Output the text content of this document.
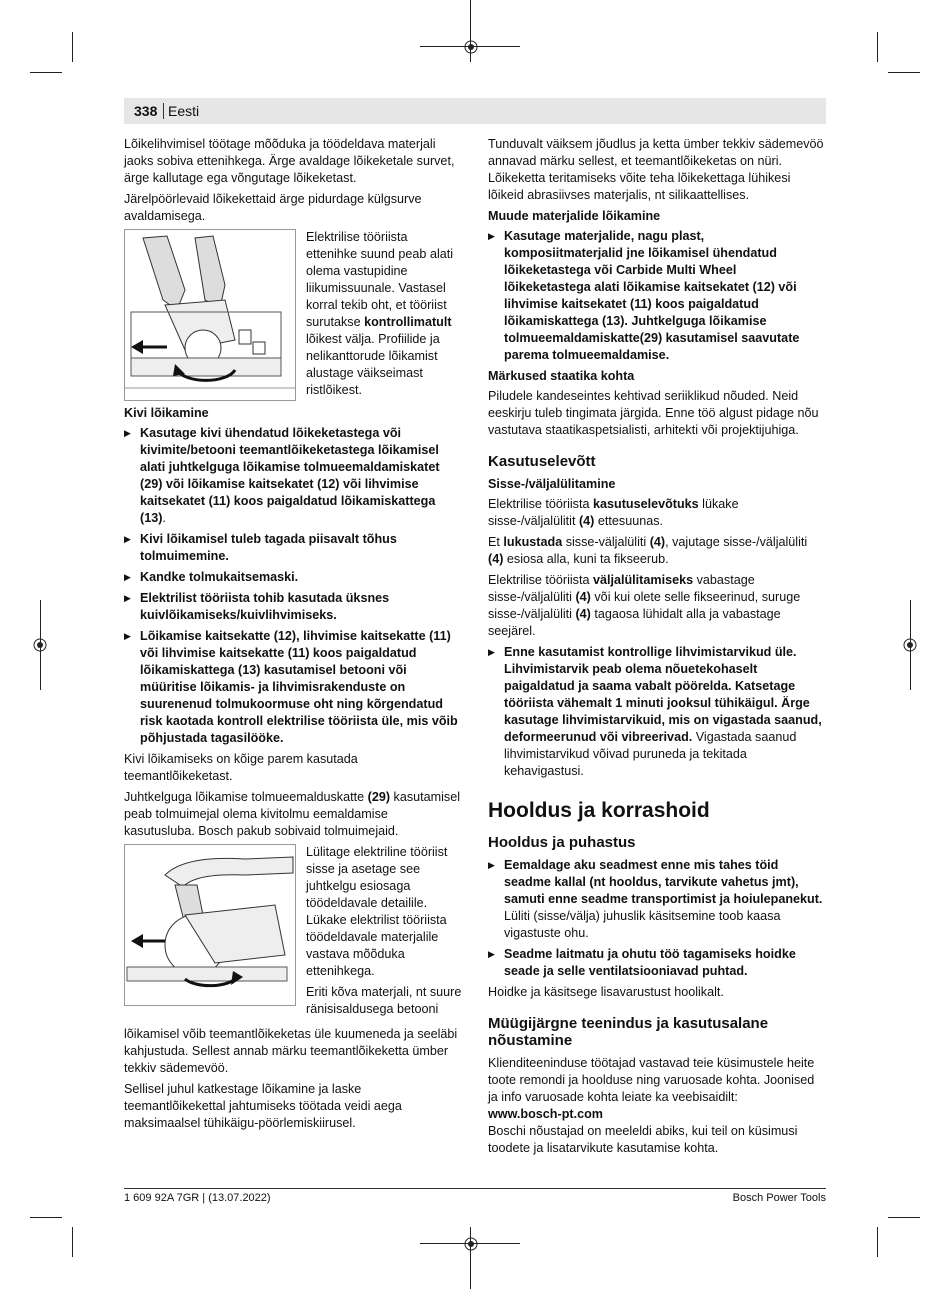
338 Eesti

Lõikelihvimisel töötage mõõduka ja töödeldava materjali jaoks sobiva ettenihkega. Ärge avaldage lõikeketale survet, ärge kallutage ega võngutage lõikeketast.

Järelpöörlevaid lõikekettaid ärge pidurdage külgsurve avaldamisega.

Elektrilise tööriista ettenihke suund peab alati olema vastupidine liikumissuunale. Vastasel korral tekib oht, et tööriist surutakse kontrollimatult lõikest välja. Profiilide ja nelikanttorude lõikamist alustage väikseimast ristlõikest.
Kivi lõikamine
▶ Kasutage kivi ühendatud lõikeketastega või kivimite/betooni teemantlõikeketastega lõikamisel alati juhtkelguga lõikamise tolmueemaldamiskatet (29) või lõikamise kaitsekatet (12) või lihvimise kaitsekatet (11) koos paigaldatud lõikamiskattega (13).
▶ Kivi lõikamisel tuleb tagada piisavalt tõhus tolmuimemine.
▶ Kandke tolmukaitsemaski.
▶ Elektrilist tööriista tohib kasutada üksnes kuivlõikamiseks/kuivlihvimiseks.
▶ Lõikamise kaitsekatte (12), lihvimise kaitsekatte (11) või lihvimise kaitsekatte (11) koos paigaldatud lõikamiskattega (13) kasutamisel betooni või müüritise lõikamis- ja lihvimisrakenduste on suurenenud tolmukoormuse oht ning kõrgendatud risk kaotada kontroll elektrilise tööriista üle, mis võib põhjustada tagasilööke.

Kivi lõikamiseks on kõige parem kasutada teemantlõikeketast.

Juhtkelguga lõikamise tolmueemalduskatte (29) kasutamisel peab tolmuimejal olema kivitolmu eemaldamise kasutusluba. Bosch pakub sobivaid tolmuimejaid.

Lülitage elektriline tööriist sisse ja asetage see juhtkelgu esiosaga töödeldavale detailile. Lükake elektrilist tööriista töödeldavale materjalile vastava mõõduka ettenihkega.

Eriti kõva materjali, nt suure ränisisaldusega betooni

lõikamisel võib teemantlõikeketas üle kuumeneda ja seeläbi kahjustuda. Sellest annab märku teemantlõikeketta ümber tekkiv sädemevöö.

Sellisel juhul katkestage lõikamine ja laske teemantlõikekettal jahtumiseks töötada veidi aega maksimaalsel tühikäigu-pöörlemiskiirusel.

Tunduvalt väiksem jõudlus ja ketta ümber tekkiv sädemevöö annavad märku sellest, et teemantlõikeketas on nüri. Lõikeketta teritamiseks võite teha lõikekettaga lühikesi lõikeid abrasiivses materjalis, nt silikaattellises.

Muude materjalide lõikamine
▶ Kasutage materjalide, nagu plast, komposiitmaterjalid jne lõikamisel ühendatud lõikeketastega või Carbide Multi Wheel lõikeketastega alati lõikamise kaitsekatet (12) või lihvimise kaitsekatet (11) koos paigaldatud lõikamiskattega (13). Juhtkelguga lõikamise tolmueemaldamiskatte(29) kasutamisel saavutate parema tolmueemaldamise.
Märkused staatika kohta

Piludele kandeseintes kehtivad seriiklikud nõuded. Neid eeskirju tuleb tingimata järgida. Enne töö algust pidage nõu vastutava staatikaspetsialisti, arhitekti või projektijuhiga.

Kasutuselevõtt
Sisse-/väljalülitamine

Elektrilise tööriista kasutuselevõtuks lükake sisse-/väljalülitit (4) ettesuunas.

Et lukustada sisse-väljalüliti (4), vajutage sisse-/väljalüliti (4) esiosa alla, kuni ta fikseerub.

Elektrilise tööriista väljalülitamiseks vabastage sisse-/väljalüliti (4) või kui olete selle fikseerinud, suruge sisse-/väljalüliti (4) tagaosa lühidalt alla ja vabastage seejärel.

▶ Enne kasutamist kontrollige lihvimistarvikud üle. Lihvimistarvik peab olema nõuetekohaselt paigaldatud ja saama vabalt pöörelda. Katsetage tööriista vähemalt 1 minuti jooksul tühikäigul. Ärge kasutage lihvimistarvikuid, mis on vigastada saanud, deformeerunud või vibreerivad. Vigastada saanud lihvimistarvikud võivad puruneda ja tekitada kehavigastusi.
Hooldus ja korrashoid
Hooldus ja puhastus
▶ Eemaldage aku seadmest enne mis tahes töid seadme kallal (nt hooldus, tarvikute vahetus jmt), samuti enne seadme transportimist ja hoiulepanekut. Lüliti (sisse/välja) juhuslik käsitsemine toob kaasa vigastuste ohu.
▶ Seadme laitmatu ja ohutu töö tagamiseks hoidke seade ja selle ventilatsiooniavad puhtad.

Hoidke ja käsitsege lisavarustust hoolikalt.

Müügijärgne teenindus ja kasutusalane nõustamine

Klienditeeninduse töötajad vastavad teie küsimustele heite toote remondi ja hoolduse ning varuosade kohta. Joonised ja info varuosade kohta leiate ka veebisaidilt:

www.bosch-pt.com

Boschi nõustajad on meeleldi abiks, kui teil on küsimusi toodete ja lisatarvikute kasutamise kohta.

1 609 92A 7GR | (13.07.2022)	Bosch Power Tools
